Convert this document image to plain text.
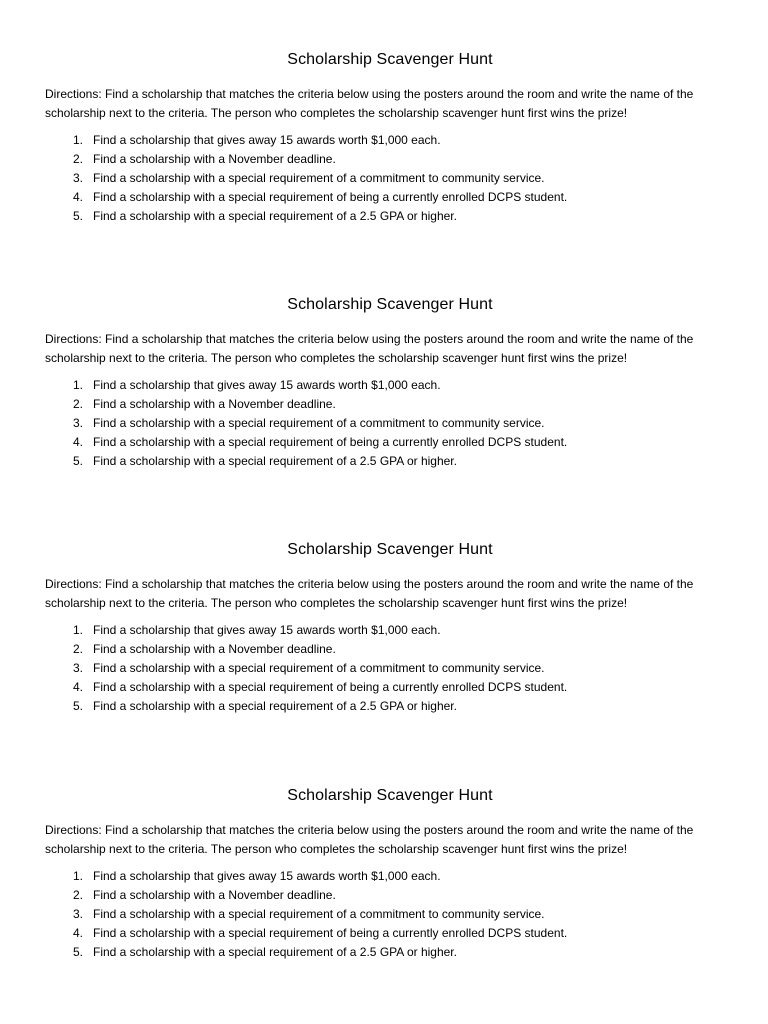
Scholarship Scavenger Hunt

Directions: Find a scholarship that matches the criteria below using the posters around the room and write the name of the scholarship next to the criteria. The person who completes the scholarship scavenger hunt first wins the prize!

1. Find a scholarship that gives away 15 awards worth $1,000 each.
2. Find a scholarship with a November deadline.
3. Find a scholarship with a special requirement of a commitment to community service.
4. Find a scholarship with a special requirement of being a currently enrolled DCPS student.
5. Find a scholarship with a special requirement of a 2.5 GPA or higher.
Scholarship Scavenger Hunt

Directions: Find a scholarship that matches the criteria below using the posters around the room and write the name of the scholarship next to the criteria. The person who completes the scholarship scavenger hunt first wins the prize!

1. Find a scholarship that gives away 15 awards worth $1,000 each.
2. Find a scholarship with a November deadline.
3. Find a scholarship with a special requirement of a commitment to community service.
4. Find a scholarship with a special requirement of being a currently enrolled DCPS student.
5. Find a scholarship with a special requirement of a 2.5 GPA or higher.
Scholarship Scavenger Hunt

Directions: Find a scholarship that matches the criteria below using the posters around the room and write the name of the scholarship next to the criteria. The person who completes the scholarship scavenger hunt first wins the prize!

1. Find a scholarship that gives away 15 awards worth $1,000 each.
2. Find a scholarship with a November deadline.
3. Find a scholarship with a special requirement of a commitment to community service.
4. Find a scholarship with a special requirement of being a currently enrolled DCPS student.
5. Find a scholarship with a special requirement of a 2.5 GPA or higher.
Scholarship Scavenger Hunt

Directions: Find a scholarship that matches the criteria below using the posters around the room and write the name of the scholarship next to the criteria. The person who completes the scholarship scavenger hunt first wins the prize!

1. Find a scholarship that gives away 15 awards worth $1,000 each.
2. Find a scholarship with a November deadline.
3. Find a scholarship with a special requirement of a commitment to community service.
4. Find a scholarship with a special requirement of being a currently enrolled DCPS student.
5. Find a scholarship with a special requirement of a 2.5 GPA or higher.
